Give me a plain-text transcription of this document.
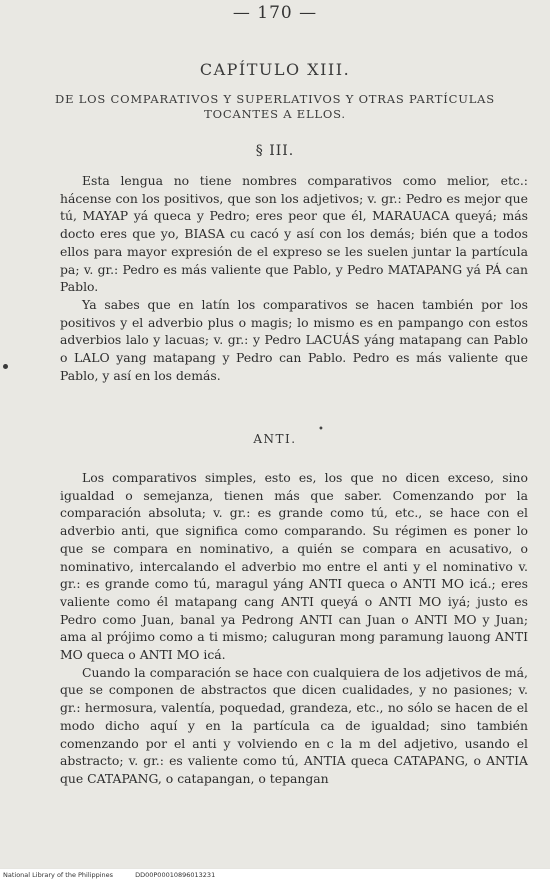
— 170 —
CAPÍTULO XIII.
DE LOS COMPARATIVOS Y SUPERLATIVOS Y OTRAS PARTÍCULAS TOCANTES A ELLOS.
§ III.

Esta lengua no tiene nombres comparativos como melior, etc.: hácense con los positivos, que son los adjetivos; v. gr.: Pedro es mejor que tú, MAYAP yá queca y Pedro; eres peor que él, MARAUACA queyá; más docto eres que yo, BIASA cu cacó y así con los demás; bién que a todos ellos para mayor expresión de el expreso se les suelen juntar la partícula pa; v. gr.: Pedro es más valiente que Pablo, y Pedro MATAPANG yá PÁ can Pablo.

Ya sabes que en latín los comparativos se hacen también por los positivos y el adverbio plus o magis; lo mismo es en pampango con estos adverbios lalo y lacuas; v. gr.: y Pedro LACUÁS yáng matapang can Pablo o LALO yang matapang y Pedro can Pablo. Pedro es más valiente que Pablo, y así en los demás.

ANTI.
•

Los comparativos simples, esto es, los que no dicen exceso, sino igualdad o semejanza, tienen más que saber. Comenzando por la comparación absoluta; v. gr.: es grande como tú, etc., se hace con el adverbio anti, que significa como comparando. Su régimen es poner lo que se compara en nominativo, a quién se compara en acusativo, o nominativo, intercalando el adverbio mo entre el anti y el nominativo v. gr.: es grande como tú, maragul yáng ANTI queca o ANTI MO icá.; eres valiente como él matapang cang ANTI queyá o ANTI MO iyá; justo es Pedro como Juan, banal ya Pedrong ANTI can Juan o ANTI MO y Juan; ama al prójimo como a ti mismo; caluguran mong paramung lauong ANTI MO queca o ANTI MO icá.

Cuando la comparación se hace con cualquiera de los adjetivos de má, que se componen de abstractos que dicen cualidades, y no pasiones; v. gr.: hermosura, valentía, poquedad, grandeza, etc., no sólo se hacen de el modo dicho aquí y en la partícula ca de igualdad; sino también comenzando por el anti y volviendo en c la m del adjetivo, usando el abstracto; v. gr.: es valiente como tú, ANTIA queca CATAPANG, o ANTIA que CATAPANG, o catapangan, o tepangan

National Library of the Philippines	DD00P00010896013231
